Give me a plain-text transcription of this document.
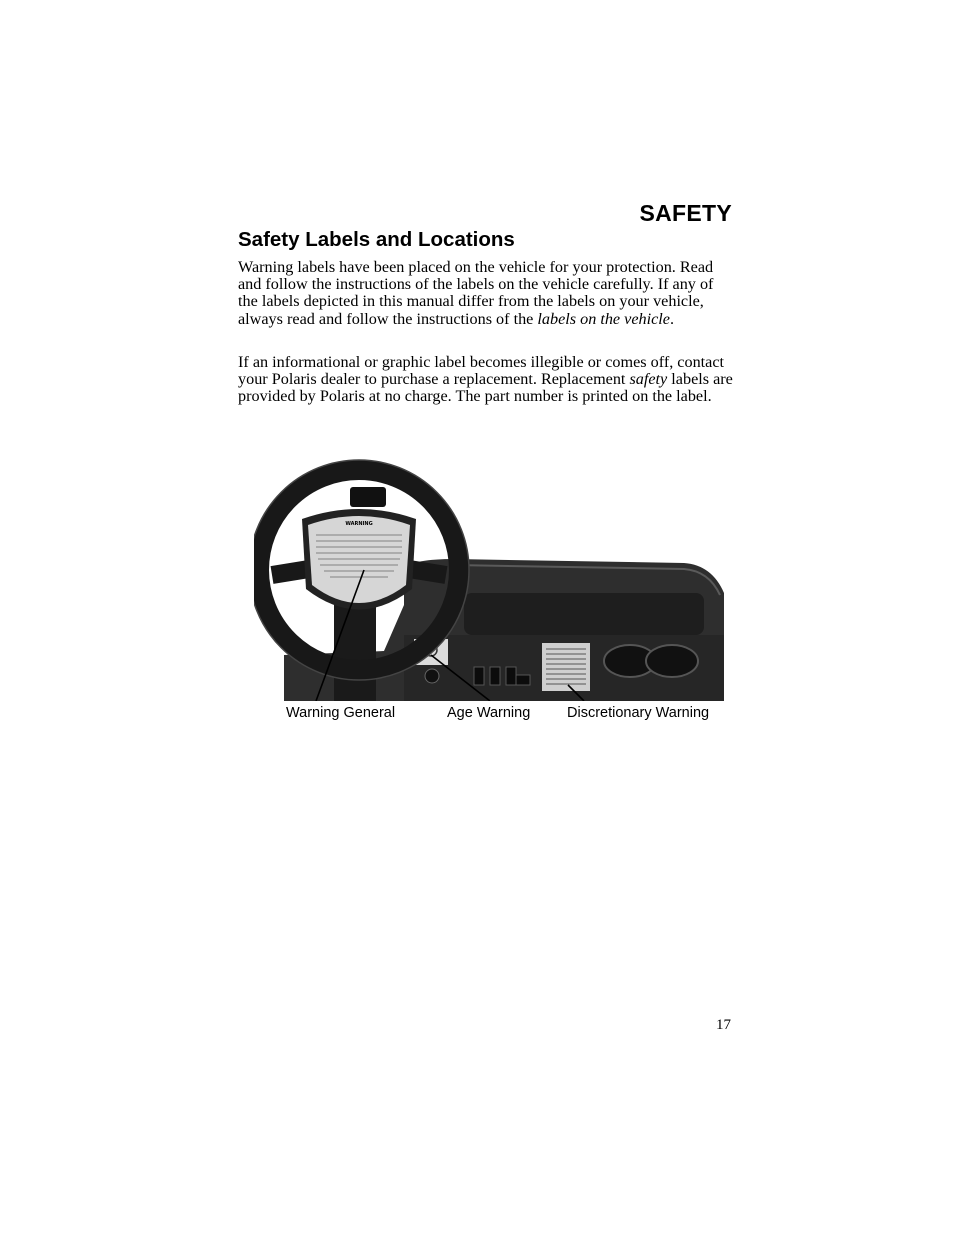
SAFETY
Safety Labels and Locations

Warning labels have been placed on the vehicle for your protection. Read and follow the instructions of the labels on the vehicle carefully. If any of the labels depicted in this manual differ from the labels on your vehicle, always read and follow the instructions of the labels on the vehicle.

If an informational or graphic label becomes illegible or comes off, contact your Polaris dealer to purchase a replacement. Replacement safety labels are provided by Polaris at no charge. The part number is printed on the label.

WARNING
Warning General	Age Warning	Discretionary Warning
17
